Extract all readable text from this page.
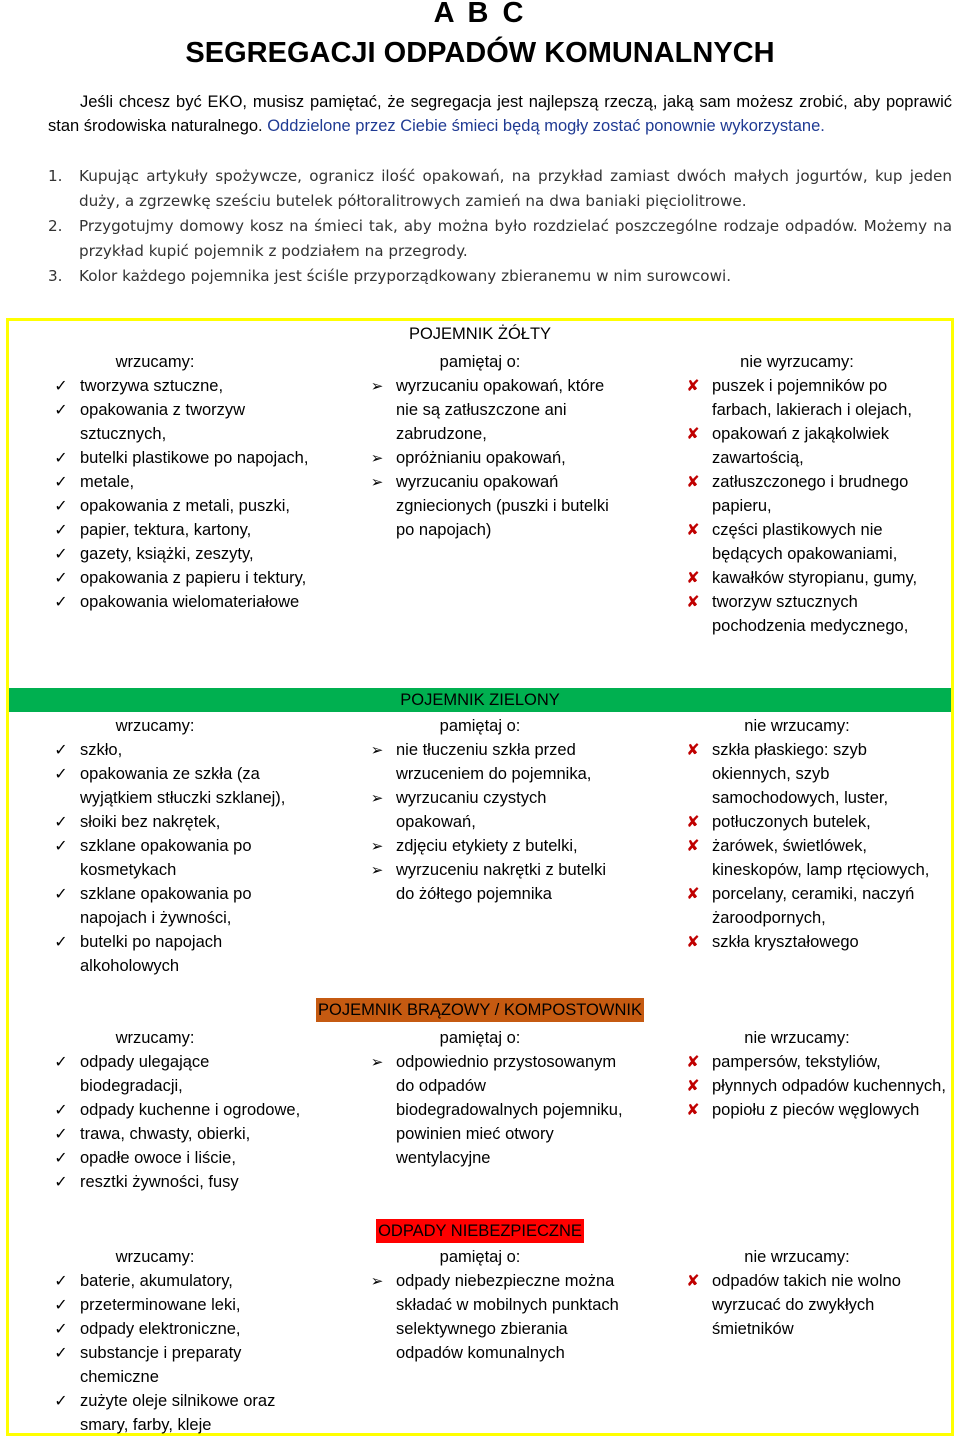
A B C
SEGREGACJI ODPADÓW KOMUNALNYCH

Jeśli chcesz być EKO, musisz pamiętać, że segregacja jest najlepszą rzeczą, jaką sam możesz zrobić, aby poprawić stan środowiska naturalnego. Oddzielone przez Ciebie śmieci będą mogły zostać ponownie wykorzystane.

1. Kupując artykuły spożywcze, ogranicz ilość opakowań, na przykład zamiast dwóch małych jogurtów, kup jeden duży, a zgrzewkę sześciu butelek półtoralitrowych zamień na dwa baniaki pięciolitrowe.
2. Przygotujmy domowy kosz na śmieci tak, aby można było rozdzielać poszczególne rodzaje odpadów. Możemy na przykład kupić pojemnik z podziałem na przegrody.
3. Kolor każdego pojemnika jest ściśle przyporządkowany zbieranemu w nim surowcowi.
POJEMNIK ŻÓŁTY
wrzucamy:
✓ tworzywa sztuczne,
✓ opakowania z tworzyw sztucznych,
✓ butelki plastikowe po napojach,
✓ metale,
✓ opakowania z metali, puszki,
✓ papier, tektura, kartony,
✓ gazety, książki, zeszyty,
✓ opakowania z papieru i tektury,
✓ opakowania wielomateriałowe
pamiętaj o:
➢ wyrzucaniu opakowań, które nie są zatłuszczone ani zabrudzone,
➢ opróżnianiu opakowań,
➢ wyrzucaniu opakowań zgniecionych (puszki i butelki po napojach)
nie wyrzucamy:
✘ puszek i pojemników po farbach, lakierach i olejach,
✘ opakowań z jakąkolwiek zawartością,
✘ zatłuszczonego i brudnego papieru,
✘ części plastikowych nie będących opakowaniami,
✘ kawałków styropianu, gumy,
✘ tworzyw sztucznych pochodzenia medycznego,
POJEMNIK ZIELONY
wrzucamy:
✓ szkło,
✓ opakowania ze szkła (za wyjątkiem stłuczki szklanej),
✓ słoiki bez nakrętek,
✓ szklane opakowania po kosmetykach
✓ szklane opakowania po napojach i żywności,
✓ butelki po napojach alkoholowych
pamiętaj o:
➢ nie tłuczeniu szkła przed wrzuceniem do pojemnika,
➢ wyrzucaniu czystych opakowań,
➢ zdjęciu etykiety z butelki,
➢ wyrzuceniu nakrętki z butelki do żółtego pojemnika
nie wrzucamy:
✘ szkła płaskiego: szyb okiennych, szyb samochodowych, luster,
✘ potłuczonych butelek,
✘ żarówek, świetlówek, kineskopów, lamp rtęciowych,
✘ porcelany, ceramiki, naczyń żaroodpornych,
✘ szkła kryształowego
POJEMNIK BRĄZOWY / KOMPOSTOWNIK
wrzucamy:
✓ odpady ulegające biodegradacji,
✓ odpady kuchenne i ogrodowe,
✓ trawa, chwasty, obierki,
✓ opadłe owoce i liście,
✓ resztki żywności, fusy
pamiętaj o:
➢ odpowiednio przystosowanym do odpadów biodegradowalnych pojemniku, powinien mieć otwory wentylacyjne
nie wrzucamy:
✘ pampersów, tekstyliów,
✘ płynnych odpadów kuchennych,
✘ popiołu z pieców węglowych
ODPADY NIEBEZPIECZNE
wrzucamy:
✓ baterie, akumulatory,
✓ przeterminowane leki,
✓ odpady elektroniczne,
✓ substancje i preparaty chemiczne
✓ zużyte oleje silnikowe oraz smary, farby, kleje
pamiętaj o:
➢ odpady niebezpieczne można składać w mobilnych punktach selektywnego zbierania odpadów komunalnych
nie wrzucamy:
✘ odpadów takich nie wolno wyrzucać do zwykłych śmietników
